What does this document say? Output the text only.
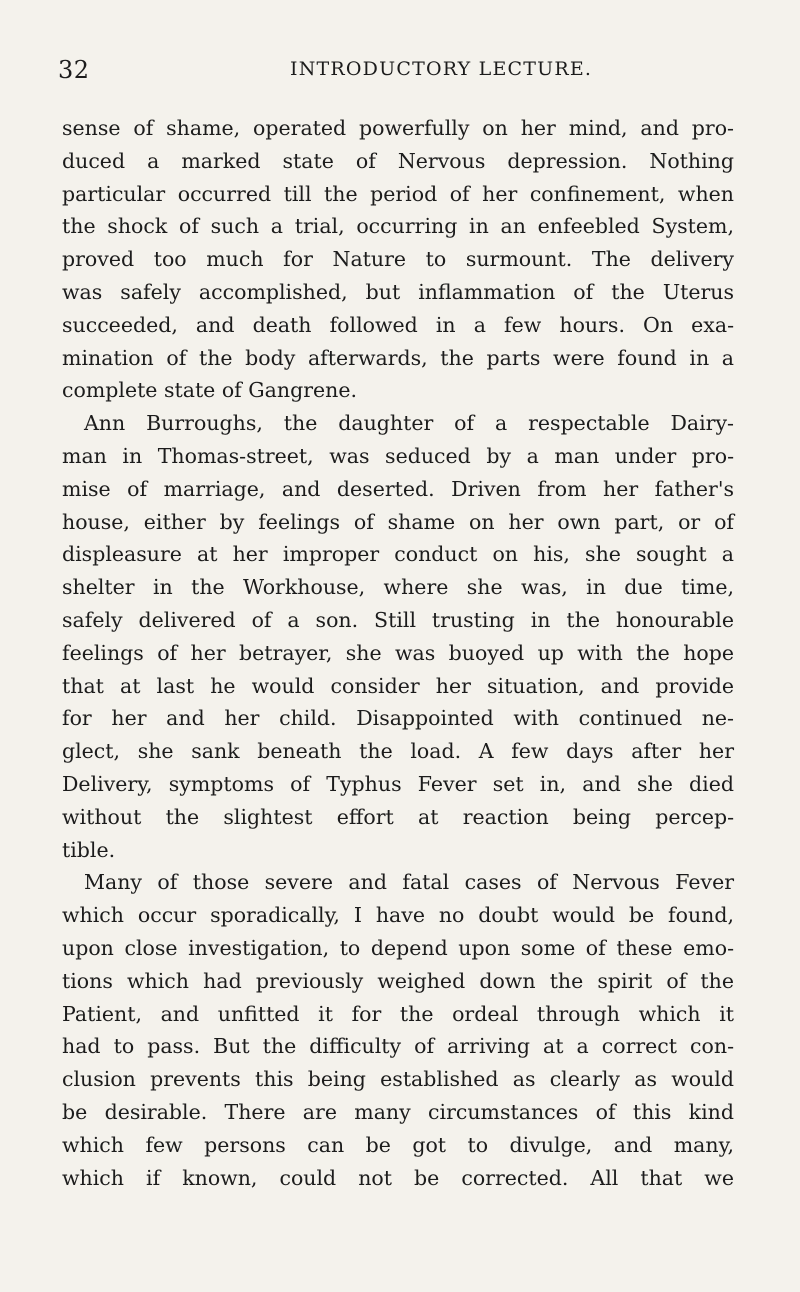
32	INTRODUCTORY LECTURE.
sense of shame, operated powerfully on her mind, and pro-
duced a marked state of Nervous depression. Nothing
particular occurred till the period of her confinement, when
the shock of such a trial, occurring in an enfeebled System,
proved too much for Nature to surmount. The delivery
was safely accomplished, but inflammation of the Uterus
succeeded, and death followed in a few hours. On exa-
mination of the body afterwards, the parts were found in a
complete state of Gangrene.
Ann Burroughs, the daughter of a respectable Dairy-
man in Thomas-street, was seduced by a man under pro-
mise of marriage, and deserted. Driven from her father's
house, either by feelings of shame on her own part, or of
displeasure at her improper conduct on his, she sought a
shelter in the Workhouse, where she was, in due time,
safely delivered of a son. Still trusting in the honourable
feelings of her betrayer, she was buoyed up with the hope
that at last he would consider her situation, and provide
for her and her child. Disappointed with continued ne-
glect, she sank beneath the load. A few days after her
Delivery, symptoms of Typhus Fever set in, and she died
without the slightest effort at reaction being percep-
tible.
Many of those severe and fatal cases of Nervous Fever
which occur sporadically, I have no doubt would be found,
upon close investigation, to depend upon some of these emo-
tions which had previously weighed down the spirit of the
Patient, and unfitted it for the ordeal through which it
had to pass. But the difficulty of arriving at a correct con-
clusion prevents this being established as clearly as would
be desirable. There are many circumstances of this kind
which few persons can be got to divulge, and many,
which if known, could not be corrected. All that we
